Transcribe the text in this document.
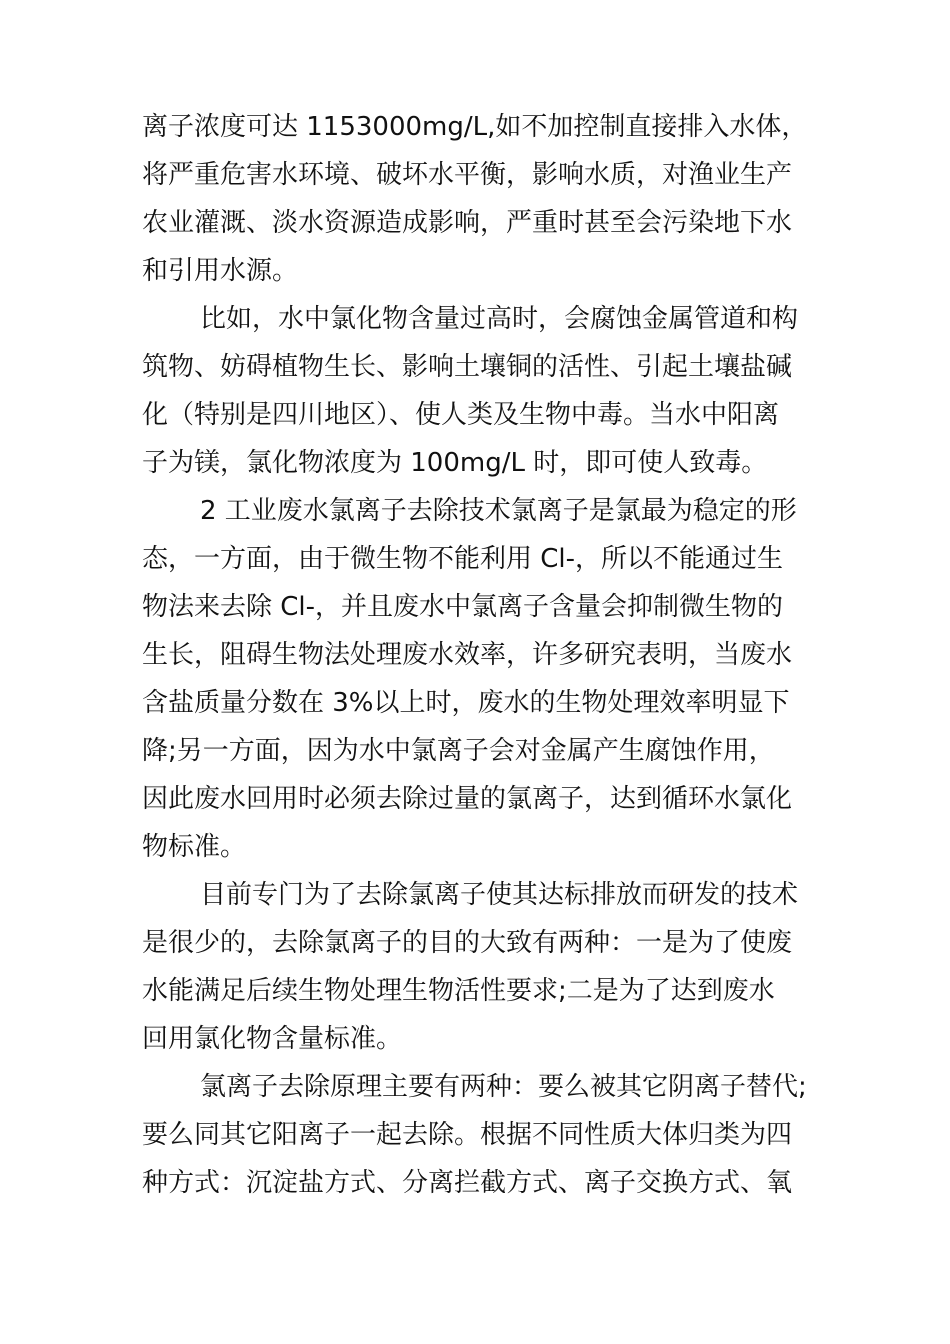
离子浓度可达 1153000mg/L,如不加控制直接排入水体，
将严重危害水环境、破坏水平衡，影响水质，对渔业生产
农业灌溉、淡水资源造成影响，严重时甚至会污染地下水
和引用水源。
比如，水中氯化物含量过高时，会腐蚀金属管道和构
筑物、妨碍植物生长、影响土壤铜的活性、引起土壤盐碱
化（特别是四川地区）、使人类及生物中毒。当水中阳离
子为镁，氯化物浓度为 100mg/L 时，即可使人致毒。
2 工业废水氯离子去除技术氯离子是氯最为稳定的形
态，一方面，由于微生物不能利用 Cl-，所以不能通过生
物法来去除 Cl-，并且废水中氯离子含量会抑制微生物的
生长，阻碍生物法处理废水效率，许多研究表明，当废水
含盐质量分数在 3%以上时，废水的生物处理效率明显下
降;另一方面，因为水中氯离子会对金属产生腐蚀作用，
因此废水回用时必须去除过量的氯离子，达到循环水氯化
物标准。
目前专门为了去除氯离子使其达标排放而研发的技术
是很少的，去除氯离子的目的大致有两种：一是为了使废
水能满足后续生物处理生物活性要求;二是为了达到废水
回用氯化物含量标准。
氯离子去除原理主要有两种：要么被其它阴离子替代;
要么同其它阳离子一起去除。根据不同性质大体归类为四
种方式：沉淀盐方式、分离拦截方式、离子交换方式、氧
